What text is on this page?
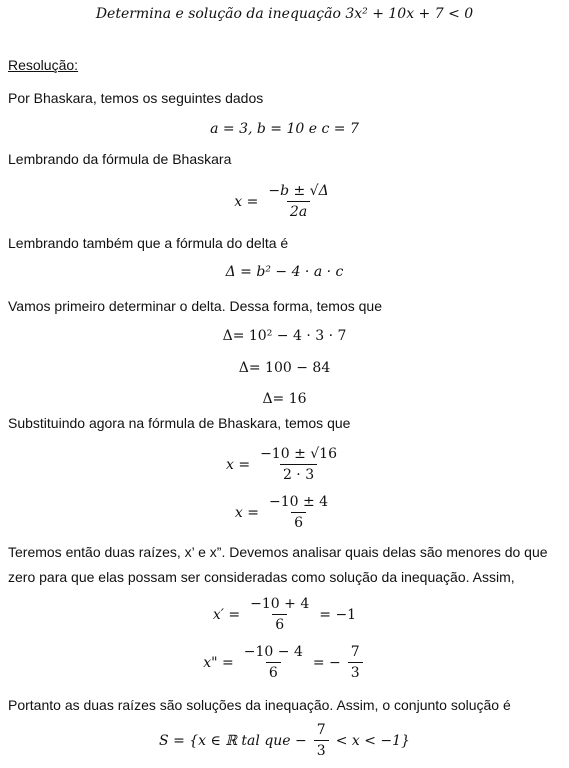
Determina e solução da inequação 3x² + 10x + 7 < 0
Resolução:
Por Bhaskara, temos os seguintes dados
a = 3, b = 10 e c = 7
Lembrando da fórmula de Bhaskara
$x = \frac{-b \pm √\Delta}{2a}$
Lembrando também que a fórmula do delta é
Δ = b² − 4 · a · c
Vamos primeiro determinar o delta. Dessa forma, temos que
Δ= 10² − 4 · 3 · 7
Δ= 100 − 84
Δ= 16
Substituindo agora na fórmula de Bhaskara, temos que
$x = \frac{-10 \pm √16}{2 \cdot 3}$
$x = \frac{-10 \pm 4}{6}$
Teremos então duas raízes, x’ e x”. Devemos analisar quais delas são menores do que
zero para que elas possam ser consideradas como solução da inequação. Assim,
$x' = \frac{-10 + 4}{6} = -1$
x" = $\frac{-10 - 4}{6}$ = − $\frac{7}{3}$
Portanto as duas raízes são soluções da inequação. Assim, o conjunto solução é
S = {x ∈ ℝ tal que − $\frac{7}{3} < x < -1$}
